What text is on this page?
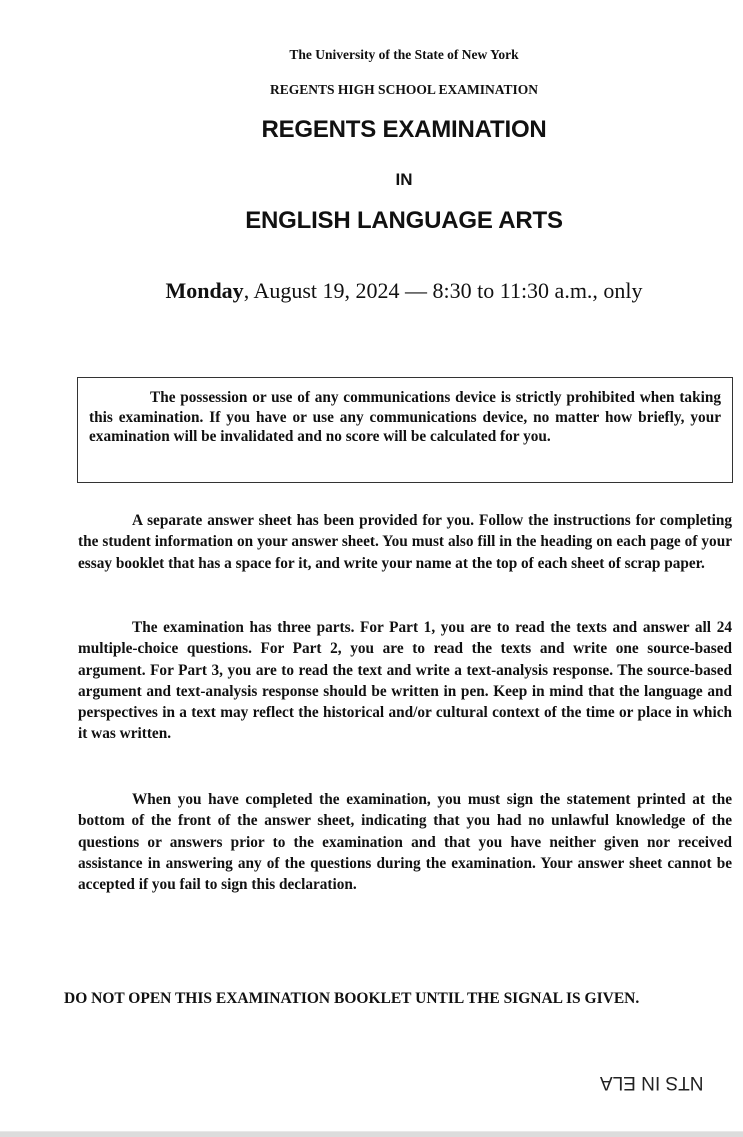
The University of the State of New York
REGENTS HIGH SCHOOL EXAMINATION
REGENTS EXAMINATION
IN
ENGLISH LANGUAGE ARTS
Monday, August 19, 2024 — 8:30 to 11:30 a.m., only

The possession or use of any communications device is strictly prohibited when taking this examination. If you have or use any communications device, no matter how briefly, your examination will be invalidated and no score will be calculated for you.

A separate answer sheet has been provided for you. Follow the instructions for completing the student information on your answer sheet. You must also fill in the heading on each page of your essay booklet that has a space for it, and write your name at the top of each sheet of scrap paper.

The examination has three parts. For Part 1, you are to read the texts and answer all 24 multiple-choice questions. For Part 2, you are to read the texts and write one source-based argument. For Part 3, you are to read the text and write a text-analysis response. The source-based argument and text-analysis response should be written in pen. Keep in mind that the language and perspectives in a text may reflect the historical and/or cultural context of the time or place in which it was written.

When you have completed the examination, you must sign the statement printed at the bottom of the front of the answer sheet, indicating that you had no unlawful knowledge of the questions or answers prior to the examination and that you have neither given nor received assistance in answering any of the questions during the examination. Your answer sheet cannot be accepted if you fail to sign this declaration.

DO NOT OPEN THIS EXAMINATION BOOKLET UNTIL THE SIGNAL IS GIVEN.
NTS IN ELA
